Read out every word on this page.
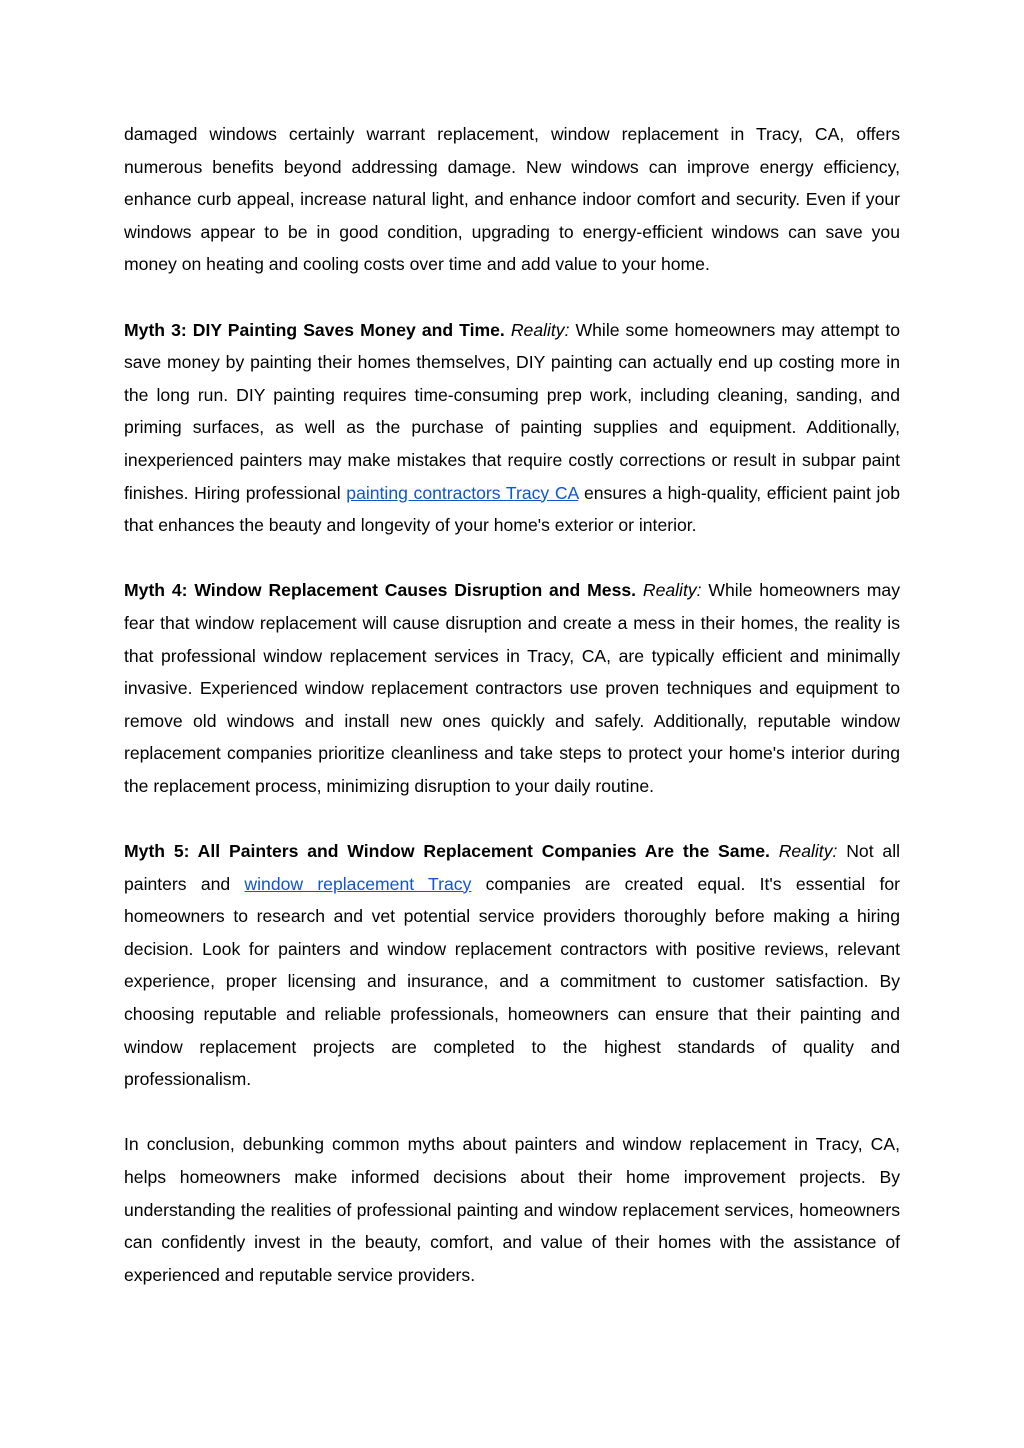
damaged windows certainly warrant replacement, window replacement in Tracy, CA, offers numerous benefits beyond addressing damage. New windows can improve energy efficiency, enhance curb appeal, increase natural light, and enhance indoor comfort and security. Even if your windows appear to be in good condition, upgrading to energy-efficient windows can save you money on heating and cooling costs over time and add value to your home.

Myth 3: DIY Painting Saves Money and Time. Reality: While some homeowners may attempt to save money by painting their homes themselves, DIY painting can actually end up costing more in the long run. DIY painting requires time-consuming prep work, including cleaning, sanding, and priming surfaces, as well as the purchase of painting supplies and equipment. Additionally, inexperienced painters may make mistakes that require costly corrections or result in subpar paint finishes. Hiring professional painting contractors Tracy CA ensures a high-quality, efficient paint job that enhances the beauty and longevity of your home's exterior or interior.

Myth 4: Window Replacement Causes Disruption and Mess. Reality: While homeowners may fear that window replacement will cause disruption and create a mess in their homes, the reality is that professional window replacement services in Tracy, CA, are typically efficient and minimally invasive. Experienced window replacement contractors use proven techniques and equipment to remove old windows and install new ones quickly and safely. Additionally, reputable window replacement companies prioritize cleanliness and take steps to protect your home's interior during the replacement process, minimizing disruption to your daily routine.

Myth 5: All Painters and Window Replacement Companies Are the Same. Reality: Not all painters and window replacement Tracy companies are created equal. It's essential for homeowners to research and vet potential service providers thoroughly before making a hiring decision. Look for painters and window replacement contractors with positive reviews, relevant experience, proper licensing and insurance, and a commitment to customer satisfaction. By choosing reputable and reliable professionals, homeowners can ensure that their painting and window replacement projects are completed to the highest standards of quality and professionalism.

In conclusion, debunking common myths about painters and window replacement in Tracy, CA, helps homeowners make informed decisions about their home improvement projects. By understanding the realities of professional painting and window replacement services, homeowners can confidently invest in the beauty, comfort, and value of their homes with the assistance of experienced and reputable service providers.
